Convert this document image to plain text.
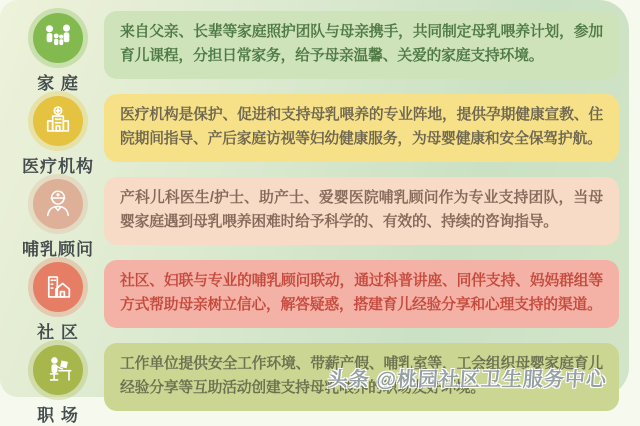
家 庭
来自父亲、长辈等家庭照护团队与母亲携手，共同制定母乳喂养计划，参加育儿课程，分担日常家务，给予母亲温馨、关爱的家庭支持环境。
医疗机构
医疗机构是保护、促进和支持母乳喂养的专业阵地，提供孕期健康宣教、住院期间指导、产后家庭访视等妇幼健康服务，为母婴健康和安全保驾护航。
哺乳顾问
产科儿科医生/护士、助产士、爱婴医院哺乳顾问作为专业支持团队，当母婴家庭遇到母乳喂养困难时给予科学的、有效的、持续的咨询指导。
社 区
社区、妇联与专业的哺乳顾问联动，通过科普讲座、同伴支持、妈妈群组等方式帮助母亲树立信心，解答疑惑，搭建育儿经验分享和心理支持的渠道。
职 场
工作单位提供安全工作环境、带薪产假、哺乳室等，工会组织母婴家庭育儿经验分享等互助活动创建支持母乳喂养的职场友好环境。
头条 @桃园社区卫生服务中心
